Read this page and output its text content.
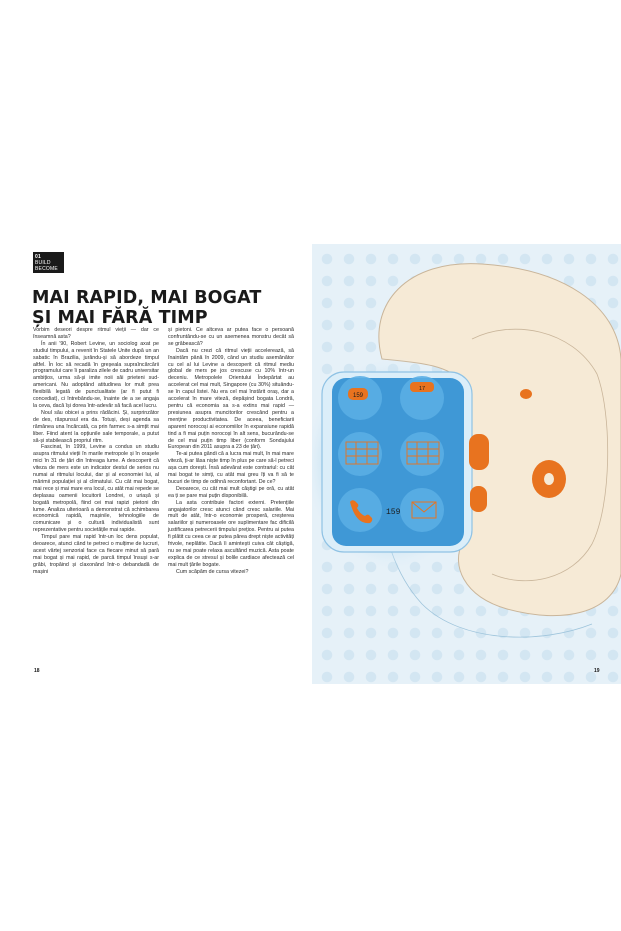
01
BUILD
BECOME
MAI RAPID, MAI BOGAT
ȘI MAI FĂRĂ TIMP

Vorbim deseori despre ritmul vieții — dar ce înseamnă asta?

În anii '90, Robert Levine, un sociolog axat pe studiul timpului, a revenit în Statele Unite după un an sabatic în Brazilia, jurându-și să abordeze timpul altfel. În loc să recadă în greșeala supraîncărcării programului care îi paraliza zilele de cadru universitar ambițios, urma să-și imite noii săi prieteni sud-americani. Nu adoptând atitudinea lor mult prea flexibilă legată de punctualitate (ar fi putut fi concediat), ci întrebându-se, înainte de a se angaja la ceva, dacă își dorea într-adevăr să facă acel lucru.

Noul său obicei a prins rădăcini. Și, surprinzător de des, răspunsul era da. Totuși, deși agenda sa rămânea una încărcată, ca prin farmec s-a simțit mai liber. Fiind atent la opțiunile sale temporale, a putut să-și stabilească propriul ritm.

Fascinat, în 1999, Levine a condus un studiu asupra ritmului vieții în marile metropole și în orașele mici în 31 de țări din întreaga lume. A descoperit că viteza de mers este un indicator destul de serios nu numai al ritmului locului, dar și al economiei lui, al mărimii populației și al climatului. Cu cât mai bogat, mai rece și mai mare era locul, cu atât mai repede se deplasau oamenii locuitorii Londrei, o uriașă și bogată metropolă, fiind cei mai rapizi pietoni din lume. Analiza ulterioară a demonstrat că schimbarea economică rapidă, mașinile, tehnologiile de comunicare și o cultură individualistă sunt reprezentative pentru societățile mai rapide.

Timpul pare mai rapid într-un loc dens populat, deoarece, atunci când te petreci o mulțime de lucruri, acest vârtej senzorial face ca fiecare minut să pară mai bogat și mai rapid, de parcă timpul însuși s-ar grăbi, tropăind și claxonând într-o debandadă de mașini

și pietoni. Ce altceva ar putea face o persoană confruntându-se cu un asemenea monstru decât să se grăbească?

Dacă nu crezi că ritmul vieții accelerează, să înaintăm până în 2009, când un studiu asemănător cu cel al lui Levine a descoperit că ritmul mediu global de mers pe jos crescuse cu 10% într-un deceniu. Metropolele Orientului Îndepărtat au accelerat cel mai mult, Singapore (cu 30%) situându-se în capul listei. Nu era cel mai înstărit oraș, dar a accelerat în mare viteză, depășind bogata Londră, pentru că economia sa s-a extins mai rapid — presiunea asupra muncitorilor crescând pentru a menține productivitatea. De aceea, beneficiarii aparent norocoși ai economiilor în expansiune rapidă tind a fi mai puțin norocoși în alt sens, bucurându-se de cel mai puțin timp liber (conform Sondajului European din 2011 asupra a 23 de țări).

Te-ai putea gândi că a lucra mai mult, în mai mare viteză, ți-ar lăsa niște timp în plus pe care să-l petreci așa cum dorești. Însă adevărat este contrariul: cu cât mai bogat te simți, cu atât mai greu îți va fi să te bucuri de timp de odihnă reconfortant. De ce?

Deoarece, cu cât mai mult câștigi pe oră, cu atât ea ți se pare mai puțin disponibilă.

La asta contribuie factori externi. Pretențiile angajatorilor cresc atunci când cresc salariile. Mai mult de atât, într-o economie prosperă, creșterea salariilor și numeroasele ore suplimentare fac dificilă justificarea petrecerii timpului prețios. Pentru ai putea fi plătit cu ceea ce ar putea părea drept niște activități frivole, neplătite. Dacă îi amintești cuiva cât câștigă, nu se mai poate relaxa ascultând muzică. Asta poate explica de ce stresul și bolile cardiace afectează cel mai mult țările bogate.

Cum scăpăm de cursa vitezei?

18
159
17
159
19
